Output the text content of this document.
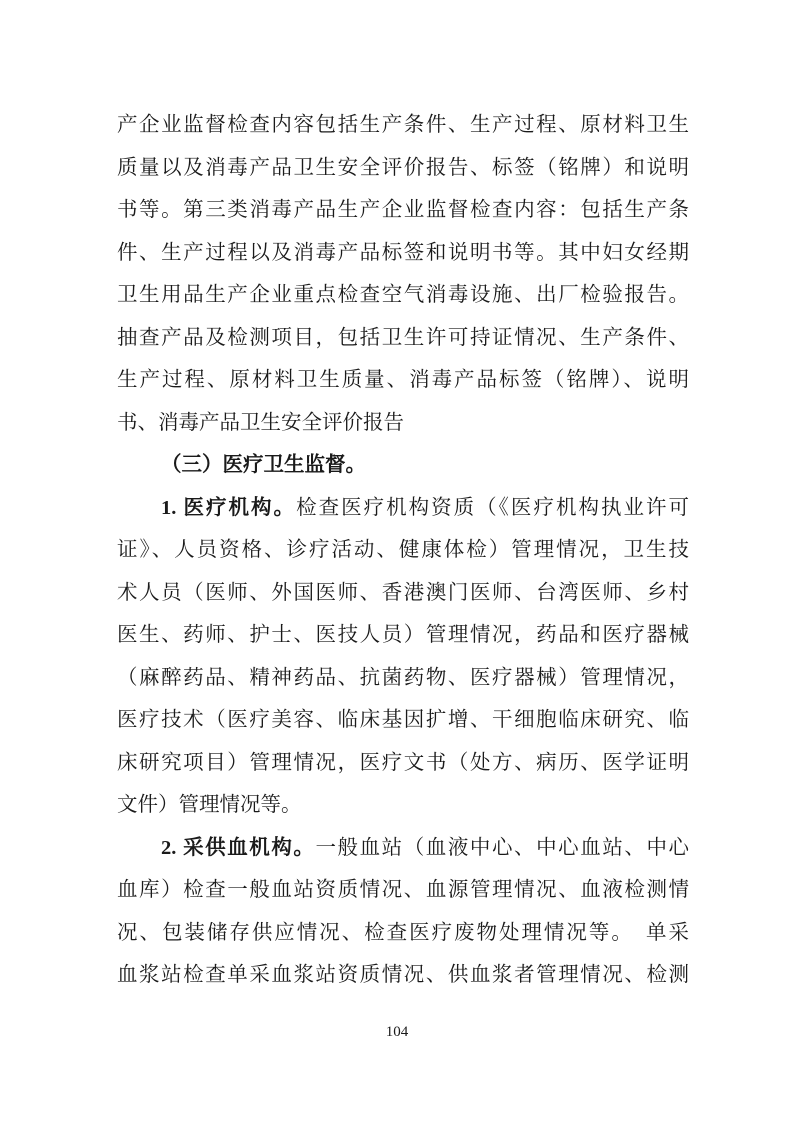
产企业监督检查内容包括生产条件、生产过程、原材料卫生
质量以及消毒产品卫生安全评价报告、标签（铭牌）和说明
书等。第三类消毒产品生产企业监督检查内容：包括生产条
件、生产过程以及消毒产品标签和说明书等。其中妇女经期
卫生用品生产企业重点检查空气消毒设施、出厂检验报告。
抽查产品及检测项目，包括卫生许可持证情况、生产条件、
生产过程、原材料卫生质量、消毒产品标签（铭牌）、说明
书、消毒产品卫生安全评价报告
（三）医疗卫生监督。
1. 医疗机构。检查医疗机构资质（《医疗机构执业许可
证》、人员资格、诊疗活动、健康体检）管理情况，卫生技
术人员（医师、外国医师、香港澳门医师、台湾医师、乡村
医生、药师、护士、医技人员）管理情况，药品和医疗器械
（麻醉药品、精神药品、抗菌药物、医疗器械）管理情况，
医疗技术（医疗美容、临床基因扩增、干细胞临床研究、临
床研究项目）管理情况，医疗文书（处方、病历、医学证明
文件）管理情况等。
2. 采供血机构。一般血站（血液中心、中心血站、中心
血库）检查一般血站资质情况、血源管理情况、血液检测情
况、包装储存供应情况、检查医疗废物处理情况等。　单采
血浆站检查单采血浆站资质情况、供血浆者管理情况、检测
104
